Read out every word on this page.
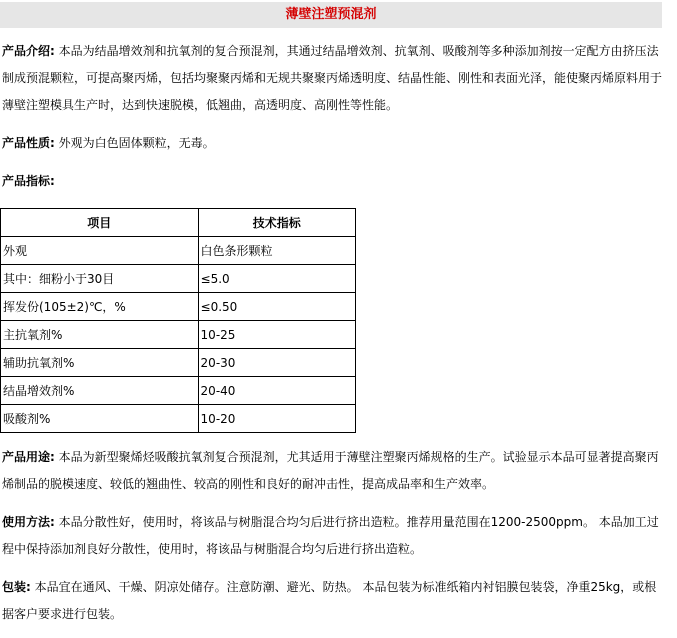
薄壁注塑预混剂
产品介绍: 本品为结晶增效剂和抗氧剂的复合预混剂，其通过结晶增效剂、抗氧剂、吸酸剂等多种添加剂按一定配方由挤压法制成预混颗粒，可提高聚丙烯，包括均聚聚丙烯和无规共聚聚丙烯透明度、结晶性能、刚性和表面光泽，能使聚丙烯原料用于薄壁注塑模具生产时，达到快速脱模，低翘曲，高透明度、高刚性等性能。
产品性质: 外观为白色固体颗粒，无毒。
产品指标:
项目	技术指标
外观	白色条形颗粒
其中：细粉小于30目	≤5.0
挥发份(105±2)℃，%	≤0.50
主抗氧剂%	10-25
辅助抗氧剂%	20-30
结晶增效剂%	20-40
吸酸剂%	10-20
产品用途: 本品为新型聚烯烃吸酸抗氧剂复合预混剂，尤其适用于薄壁注塑聚丙烯规格的生产。试验显示本品可显著提高聚丙烯制品的脱模速度、较低的翘曲性、较高的刚性和良好的耐冲击性，提高成品率和生产效率。
使用方法: 本品分散性好，使用时，将该品与树脂混合均匀后进行挤出造粒。推荐用量范围在1200-2500ppm。 本品加工过程中保持添加剂良好分散性，使用时，将该品与树脂混合均匀后进行挤出造粒。
包装: 本品宜在通风、干燥、阴凉处储存。注意防潮、避光、防热。 本品包装为标准纸箱内衬铝膜包装袋，净重25kg，或根据客户要求进行包装。
